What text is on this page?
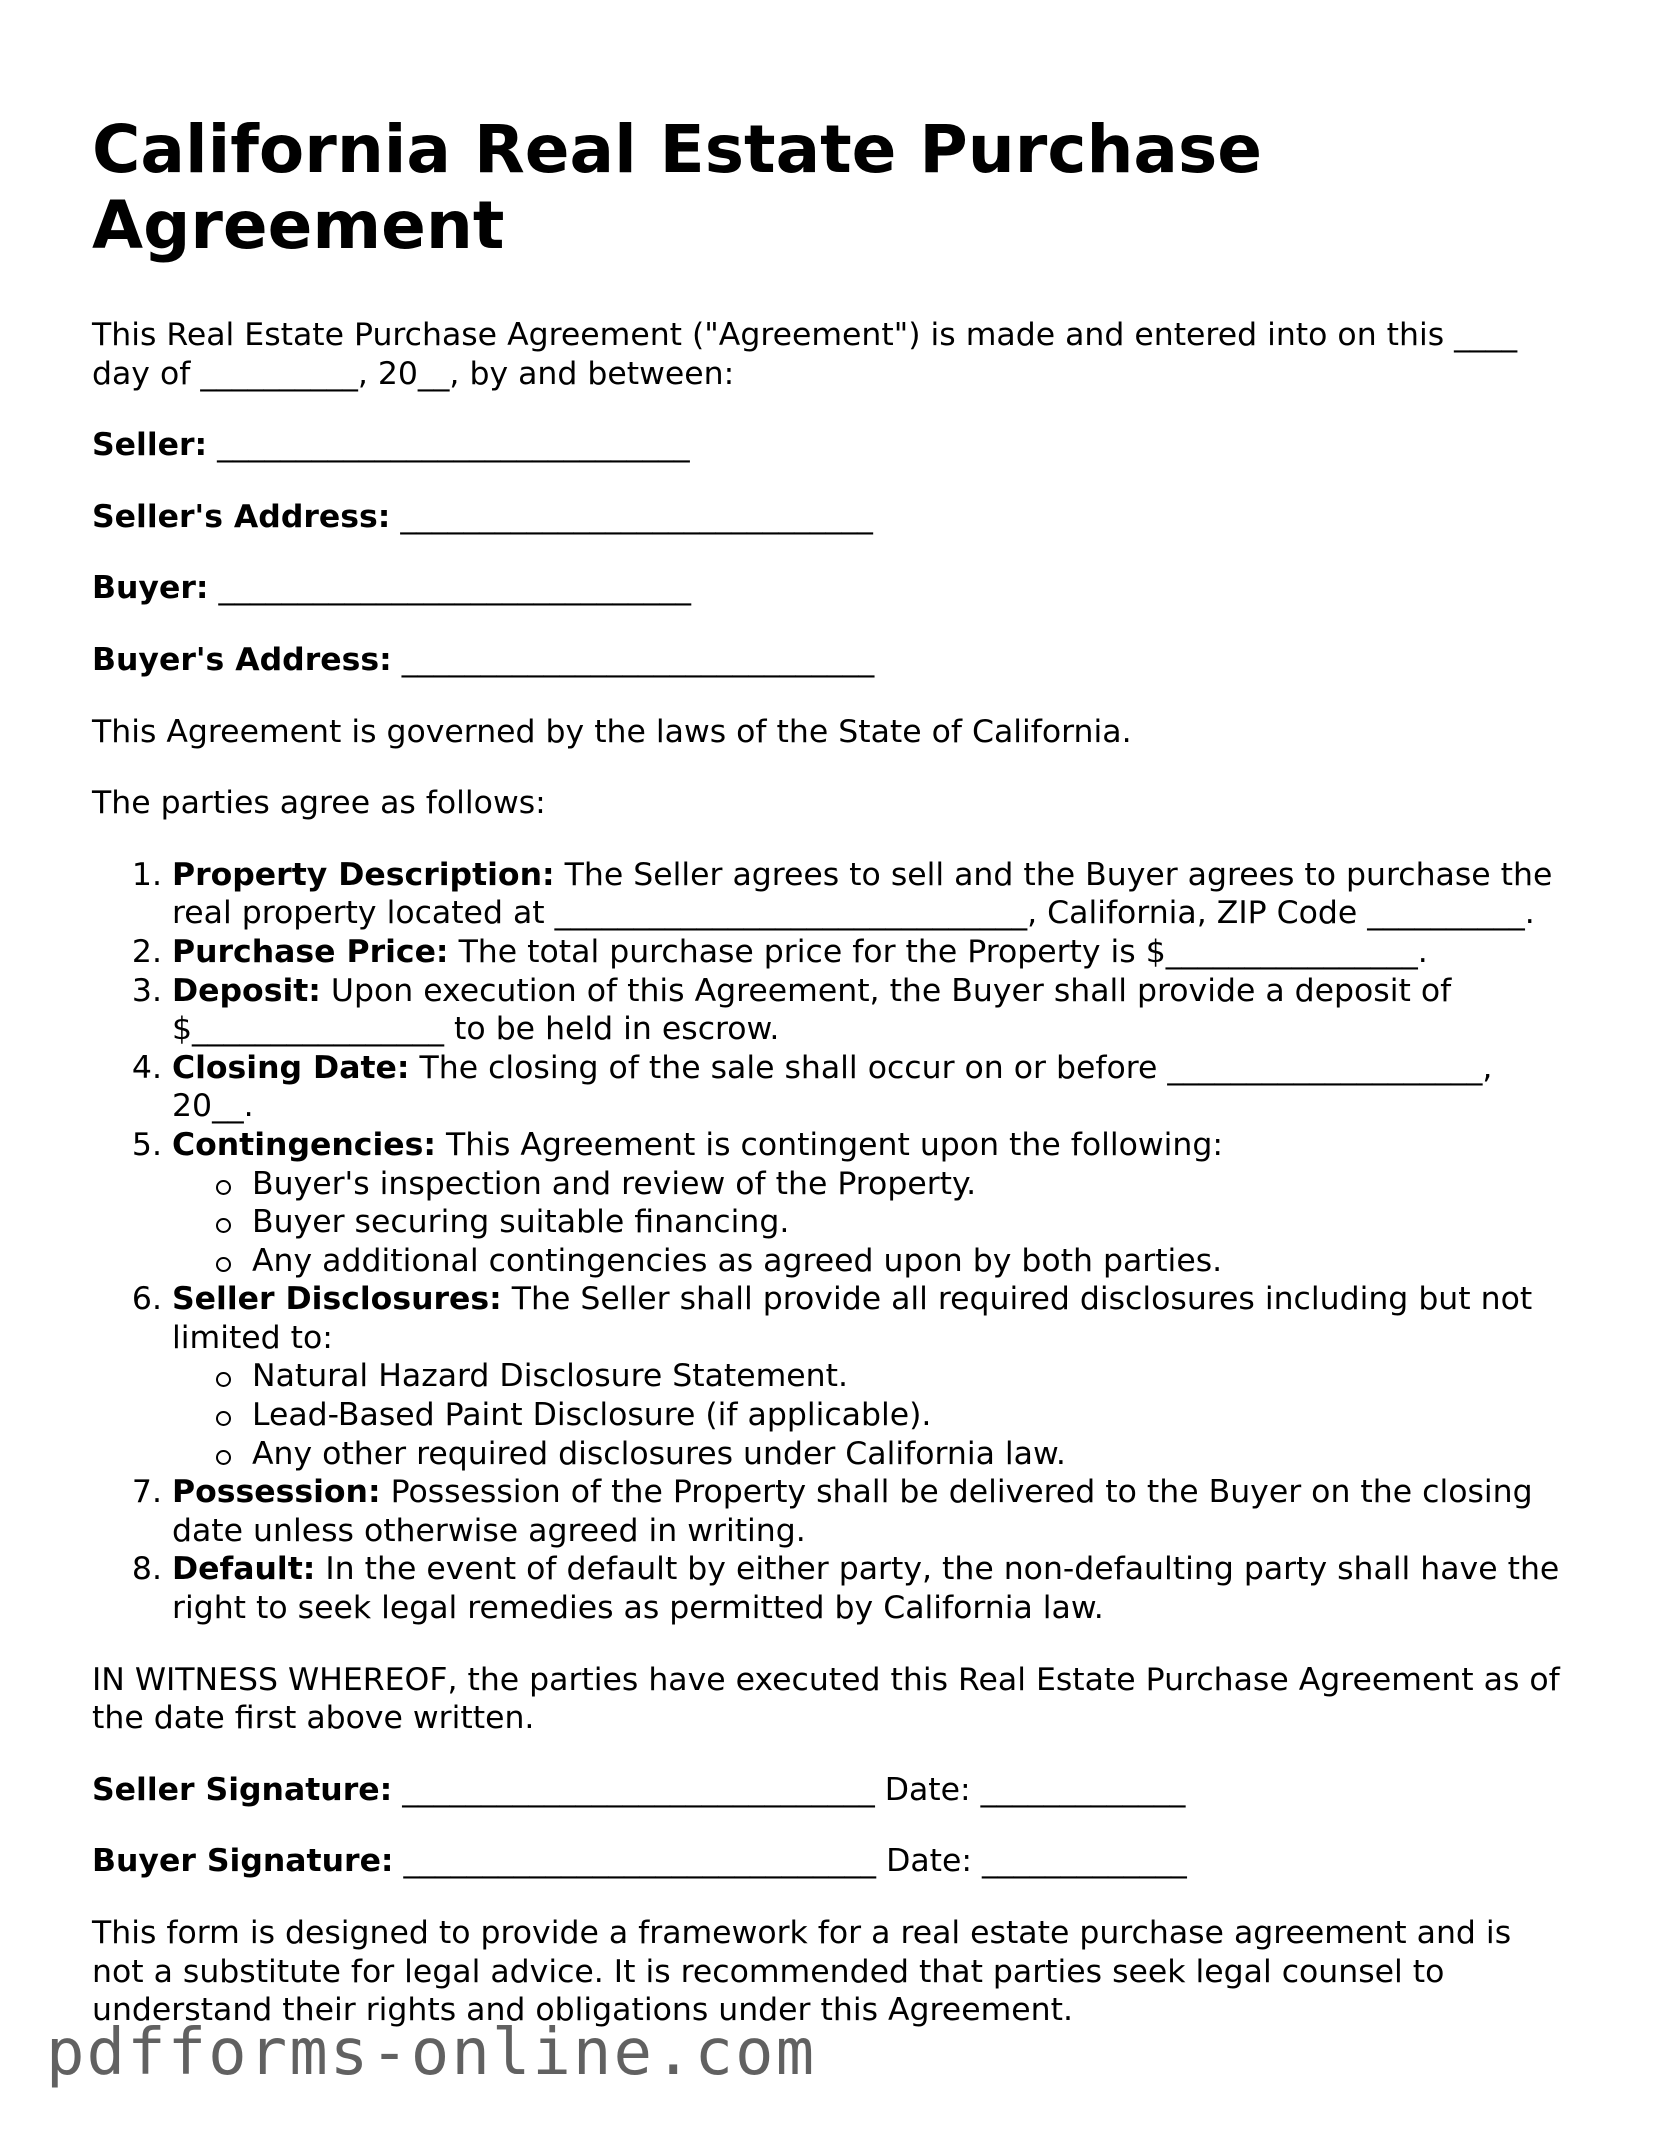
California Real Estate Purchase Agreement

This Real Estate Purchase Agreement ("Agreement") is made and entered into on this ____ day of __________, 20__, by and between:

Seller: ______________________________

Seller's Address: ______________________________

Buyer: ______________________________

Buyer's Address: ______________________________

This Agreement is governed by the laws of the State of California.

The parties agree as follows:

1. Property Description: The Seller agrees to sell and the Buyer agrees to purchase the real property located at ______________________________, California, ZIP Code __________.
2. Purchase Price: The total purchase price for the Property is $________________.
3. Deposit: Upon execution of this Agreement, the Buyer shall provide a deposit of $________________ to be held in escrow.
4. Closing Date: The closing of the sale shall occur on or before ____________________, 20__.
5. Contingencies: This Agreement is contingent upon the following:
Buyer's inspection and review of the Property.
Buyer securing suitable financing.
Any additional contingencies as agreed upon by both parties.
6. Seller Disclosures: The Seller shall provide all required disclosures including but not limited to:
Natural Hazard Disclosure Statement.
Lead-Based Paint Disclosure (if applicable).
Any other required disclosures under California law.
7. Possession: Possession of the Property shall be delivered to the Buyer on the closing date unless otherwise agreed in writing.
8. Default: In the event of default by either party, the non-defaulting party shall have the right to seek legal remedies as permitted by California law.

IN WITNESS WHEREOF, the parties have executed this Real Estate Purchase Agreement as of the date first above written.

Seller Signature: ______________________________ Date: _____________

Buyer Signature: ______________________________ Date: _____________

This form is designed to provide a framework for a real estate purchase agreement and is not a substitute for legal advice. It is recommended that parties seek legal counsel to understand their rights and obligations under this Agreement.

pdfforms-online.com
